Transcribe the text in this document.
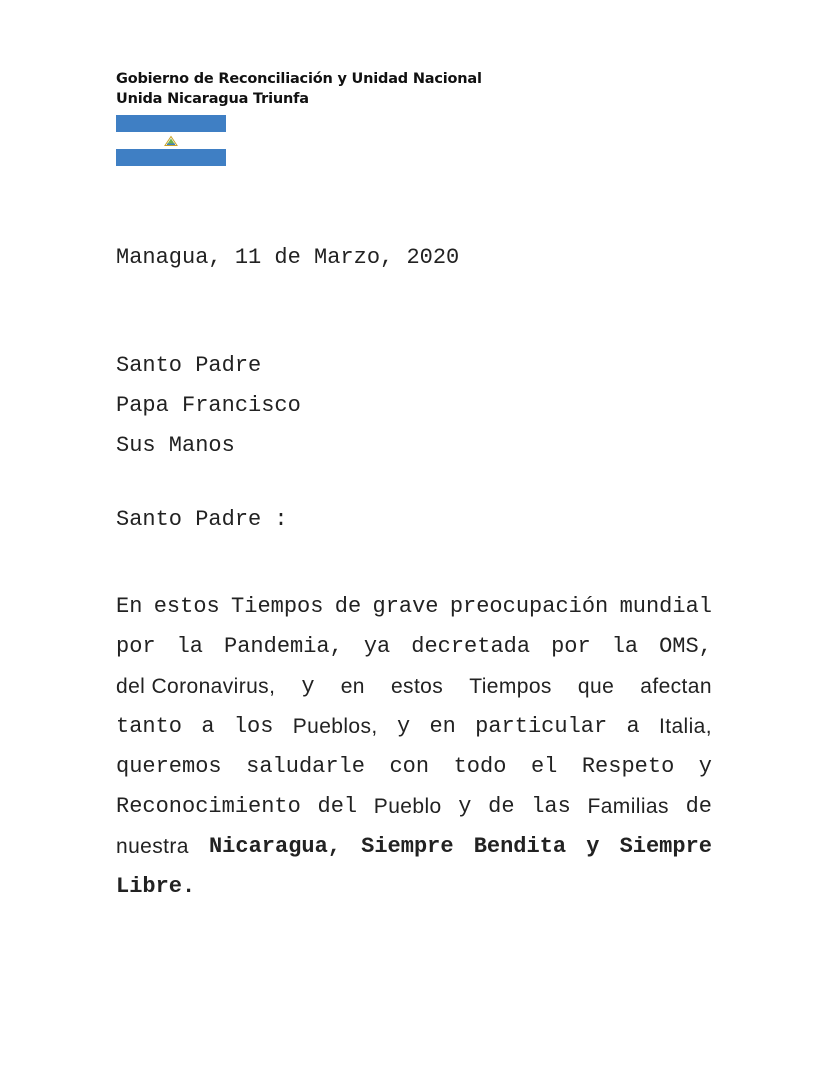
Gobierno de Reconciliación y Unidad Nacional
Unida Nicaragua Triunfa
Managua, 11 de Marzo, 2020
Santo Padre
Papa Francisco
Sus Manos
Santo Padre :
En estos Tiempos de grave preocupación mundial
por la Pandemia, ya decretada por la OMS,
del Coronavirus, y en estos Tiempos que afectan
tanto a los Pueblos, y en particular a Italia,
queremos saludarle con todo el Respeto y
Reconocimiento del Pueblo y de las Familias de
nuestra Nicaragua, Siempre Bendita y Siempre
Libre.
